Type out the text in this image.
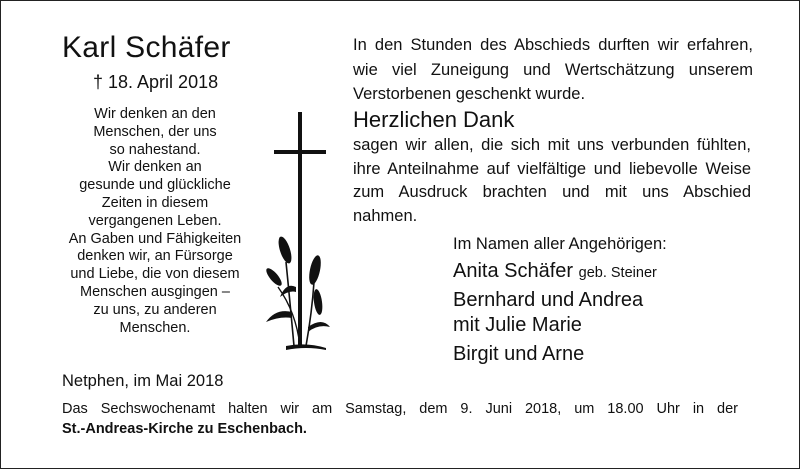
Karl Schäfer
† 18. April 2018
Wir denken an den
Menschen, der uns
so nahestand.
Wir denken an
gesunde und glückliche
Zeiten in diesem
vergangenen Leben.
An Gaben und Fähigkeiten
denken wir, an Fürsorge
und Liebe, die von diesem
Menschen ausgingen –
zu uns, zu anderen
Menschen.
In den Stunden des Abschieds durften wir erfahren, wie viel Zuneigung und Wertschätzung unserem Verstorbenen geschenkt wurde.
Herzlichen Dank
sagen wir allen, die sich mit uns verbunden fühlten, ihre Anteilnahme auf vielfältige und liebevolle Weise zum Ausdruck brachten und mit uns Abschied nahmen.
Im Namen aller Angehörigen:
Anita Schäfer geb. Steiner
Bernhard und Andrea
mit Julie Marie
Birgit und Arne
Netphen, im Mai 2018
Das Sechswochenamt halten wir am Samstag, dem 9. Juni 2018, um 18.00 Uhr in der
St.-Andreas-Kirche zu Eschenbach.
